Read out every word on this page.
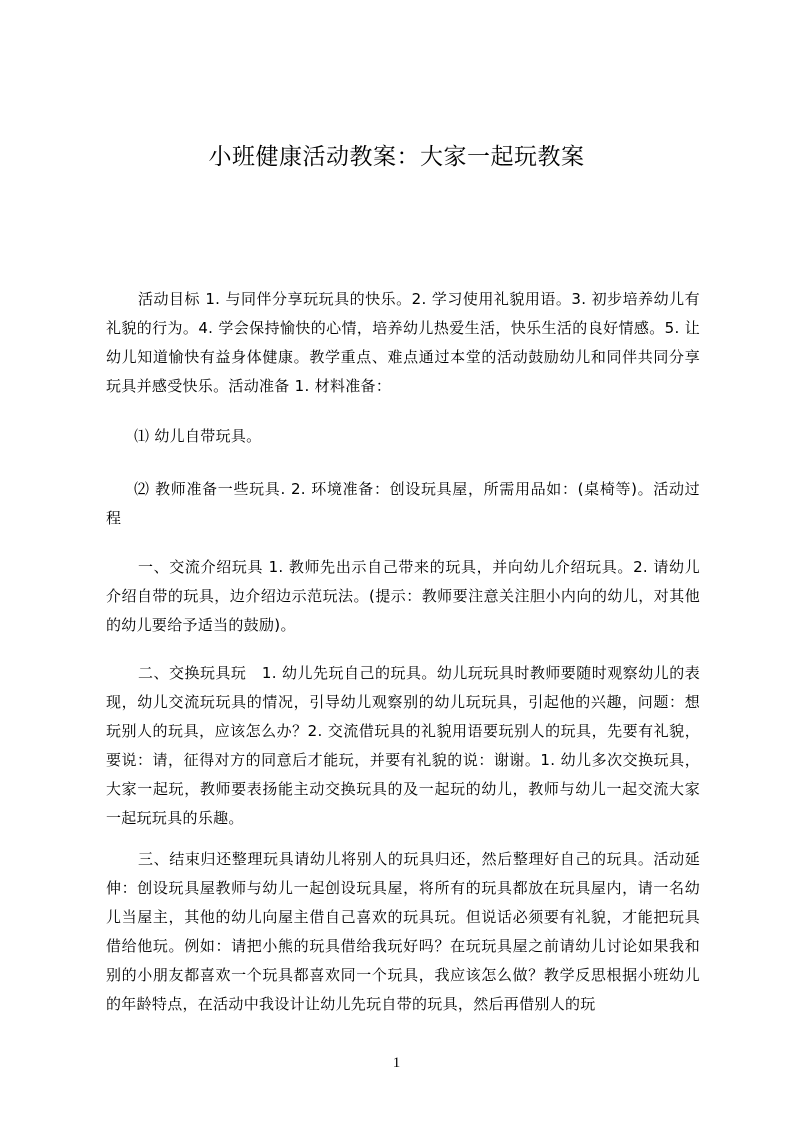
小班健康活动教案：大家一起玩教案

活动目标 1. 与同伴分享玩玩具的快乐。2. 学习使用礼貌用语。3. 初步培养幼儿有礼貌的行为。4. 学会保持愉快的心情，培养幼儿热爱生活，快乐生活的良好情感。5. 让幼儿知道愉快有益身体健康。教学重点、难点通过本堂的活动鼓励幼儿和同伴共同分享玩具并感受快乐。活动准备 1. 材料准备：

⑴ 幼儿自带玩具。

⑵ 教师准备一些玩具. 2. 环境准备：创设玩具屋，所需用品如：(桌椅等)。活动过程

一、交流介绍玩具 1. 教师先出示自己带来的玩具，并向幼儿介绍玩具。2. 请幼儿介绍自带的玩具，边介绍边示范玩法。(提示：教师要注意关注胆小内向的幼儿，对其他的幼儿要给予适当的鼓励)。

二、交换玩具玩　1. 幼儿先玩自己的玩具。幼儿玩玩具时教师要随时观察幼儿的表现，幼儿交流玩玩具的情况，引导幼儿观察别的幼儿玩玩具，引起他的兴趣，问题：想玩别人的玩具，应该怎么办？2. 交流借玩具的礼貌用语要玩别人的玩具，先要有礼貌，要说：请，征得对方的同意后才能玩，并要有礼貌的说：谢谢。1. 幼儿多次交换玩具，大家一起玩，教师要表扬能主动交换玩具的及一起玩的幼儿，教师与幼儿一起交流大家一起玩玩具的乐趣。

三、结束归还整理玩具请幼儿将别人的玩具归还，然后整理好自己的玩具。活动延伸：创设玩具屋教师与幼儿一起创设玩具屋，将所有的玩具都放在玩具屋内，请一名幼儿当屋主，其他的幼儿向屋主借自己喜欢的玩具玩。但说话必须要有礼貌，才能把玩具借给他玩。例如：请把小熊的玩具借给我玩好吗？在玩玩具屋之前请幼儿讨论如果我和别的小朋友都喜欢一个玩具都喜欢同一个玩具，我应该怎么做？教学反思根据小班幼儿的年龄特点，在活动中我设计让幼儿先玩自带的玩具，然后再借别人的玩

1
